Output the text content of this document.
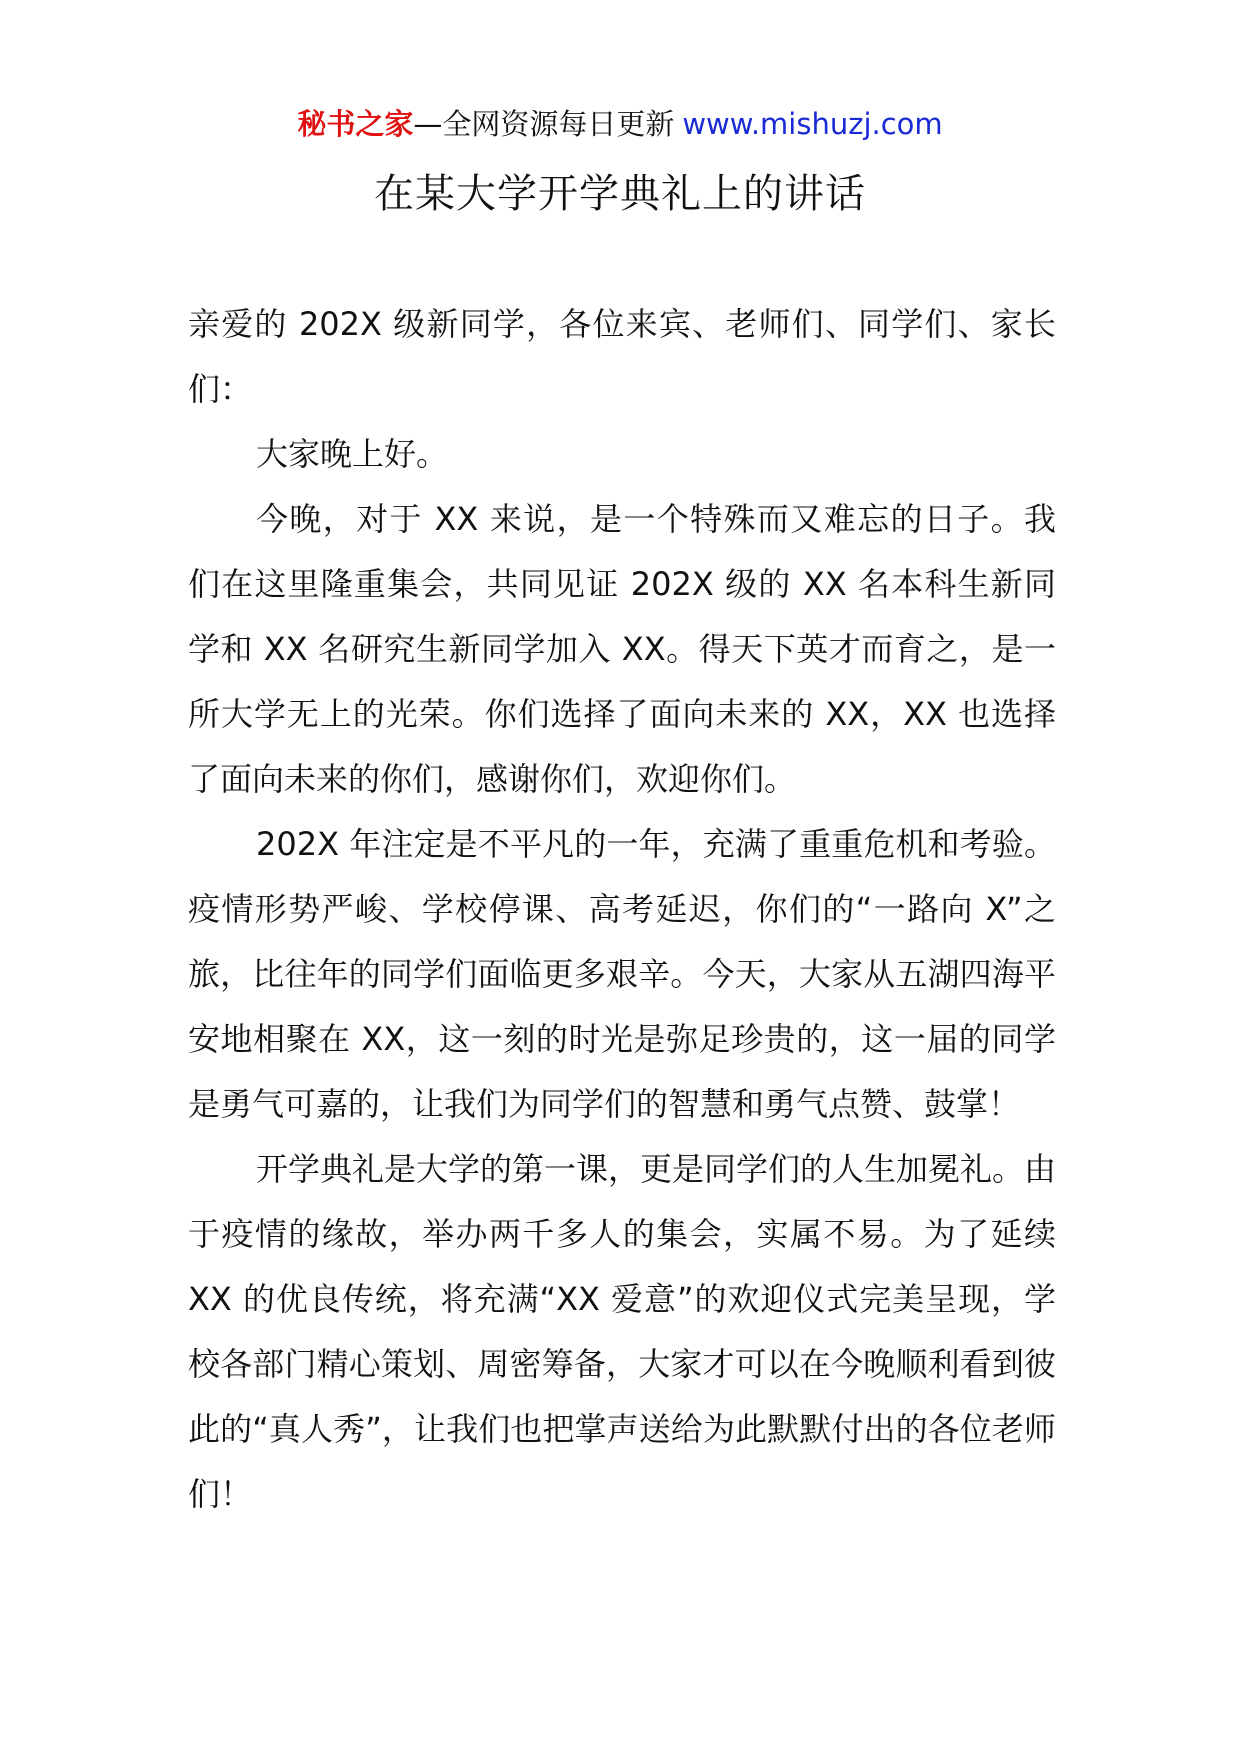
秘书之家—全网资源每日更新 www.mishuzj.com
在某大学开学典礼上的讲话

亲爱的 202X 级新同学，各位来宾、老师们、同学们、家长们：

大家晚上好。

今晚，对于 XX 来说，是一个特殊而又难忘的日子。我们在这里隆重集会，共同见证 202X 级的 XX 名本科生新同学和 XX 名研究生新同学加入 XX。得天下英才而育之，是一所大学无上的光荣。你们选择了面向未来的 XX，XX 也选择了面向未来的你们，感谢你们，欢迎你们。

202X 年注定是不平凡的一年，充满了重重危机和考验。疫情形势严峻、学校停课、高考延迟，你们的“一路向 X”之旅，比往年的同学们面临更多艰辛。今天，大家从五湖四海平安地相聚在 XX，这一刻的时光是弥足珍贵的，这一届的同学是勇气可嘉的，让我们为同学们的智慧和勇气点赞、鼓掌！

开学典礼是大学的第一课，更是同学们的人生加冕礼。由于疫情的缘故，举办两千多人的集会，实属不易。为了延续 XX 的优良传统，将充满“XX 爱意”的欢迎仪式完美呈现，学校各部门精心策划、周密筹备，大家才可以在今晚顺利看到彼此的“真人秀”，让我们也把掌声送给为此默默付出的各位老师们！
